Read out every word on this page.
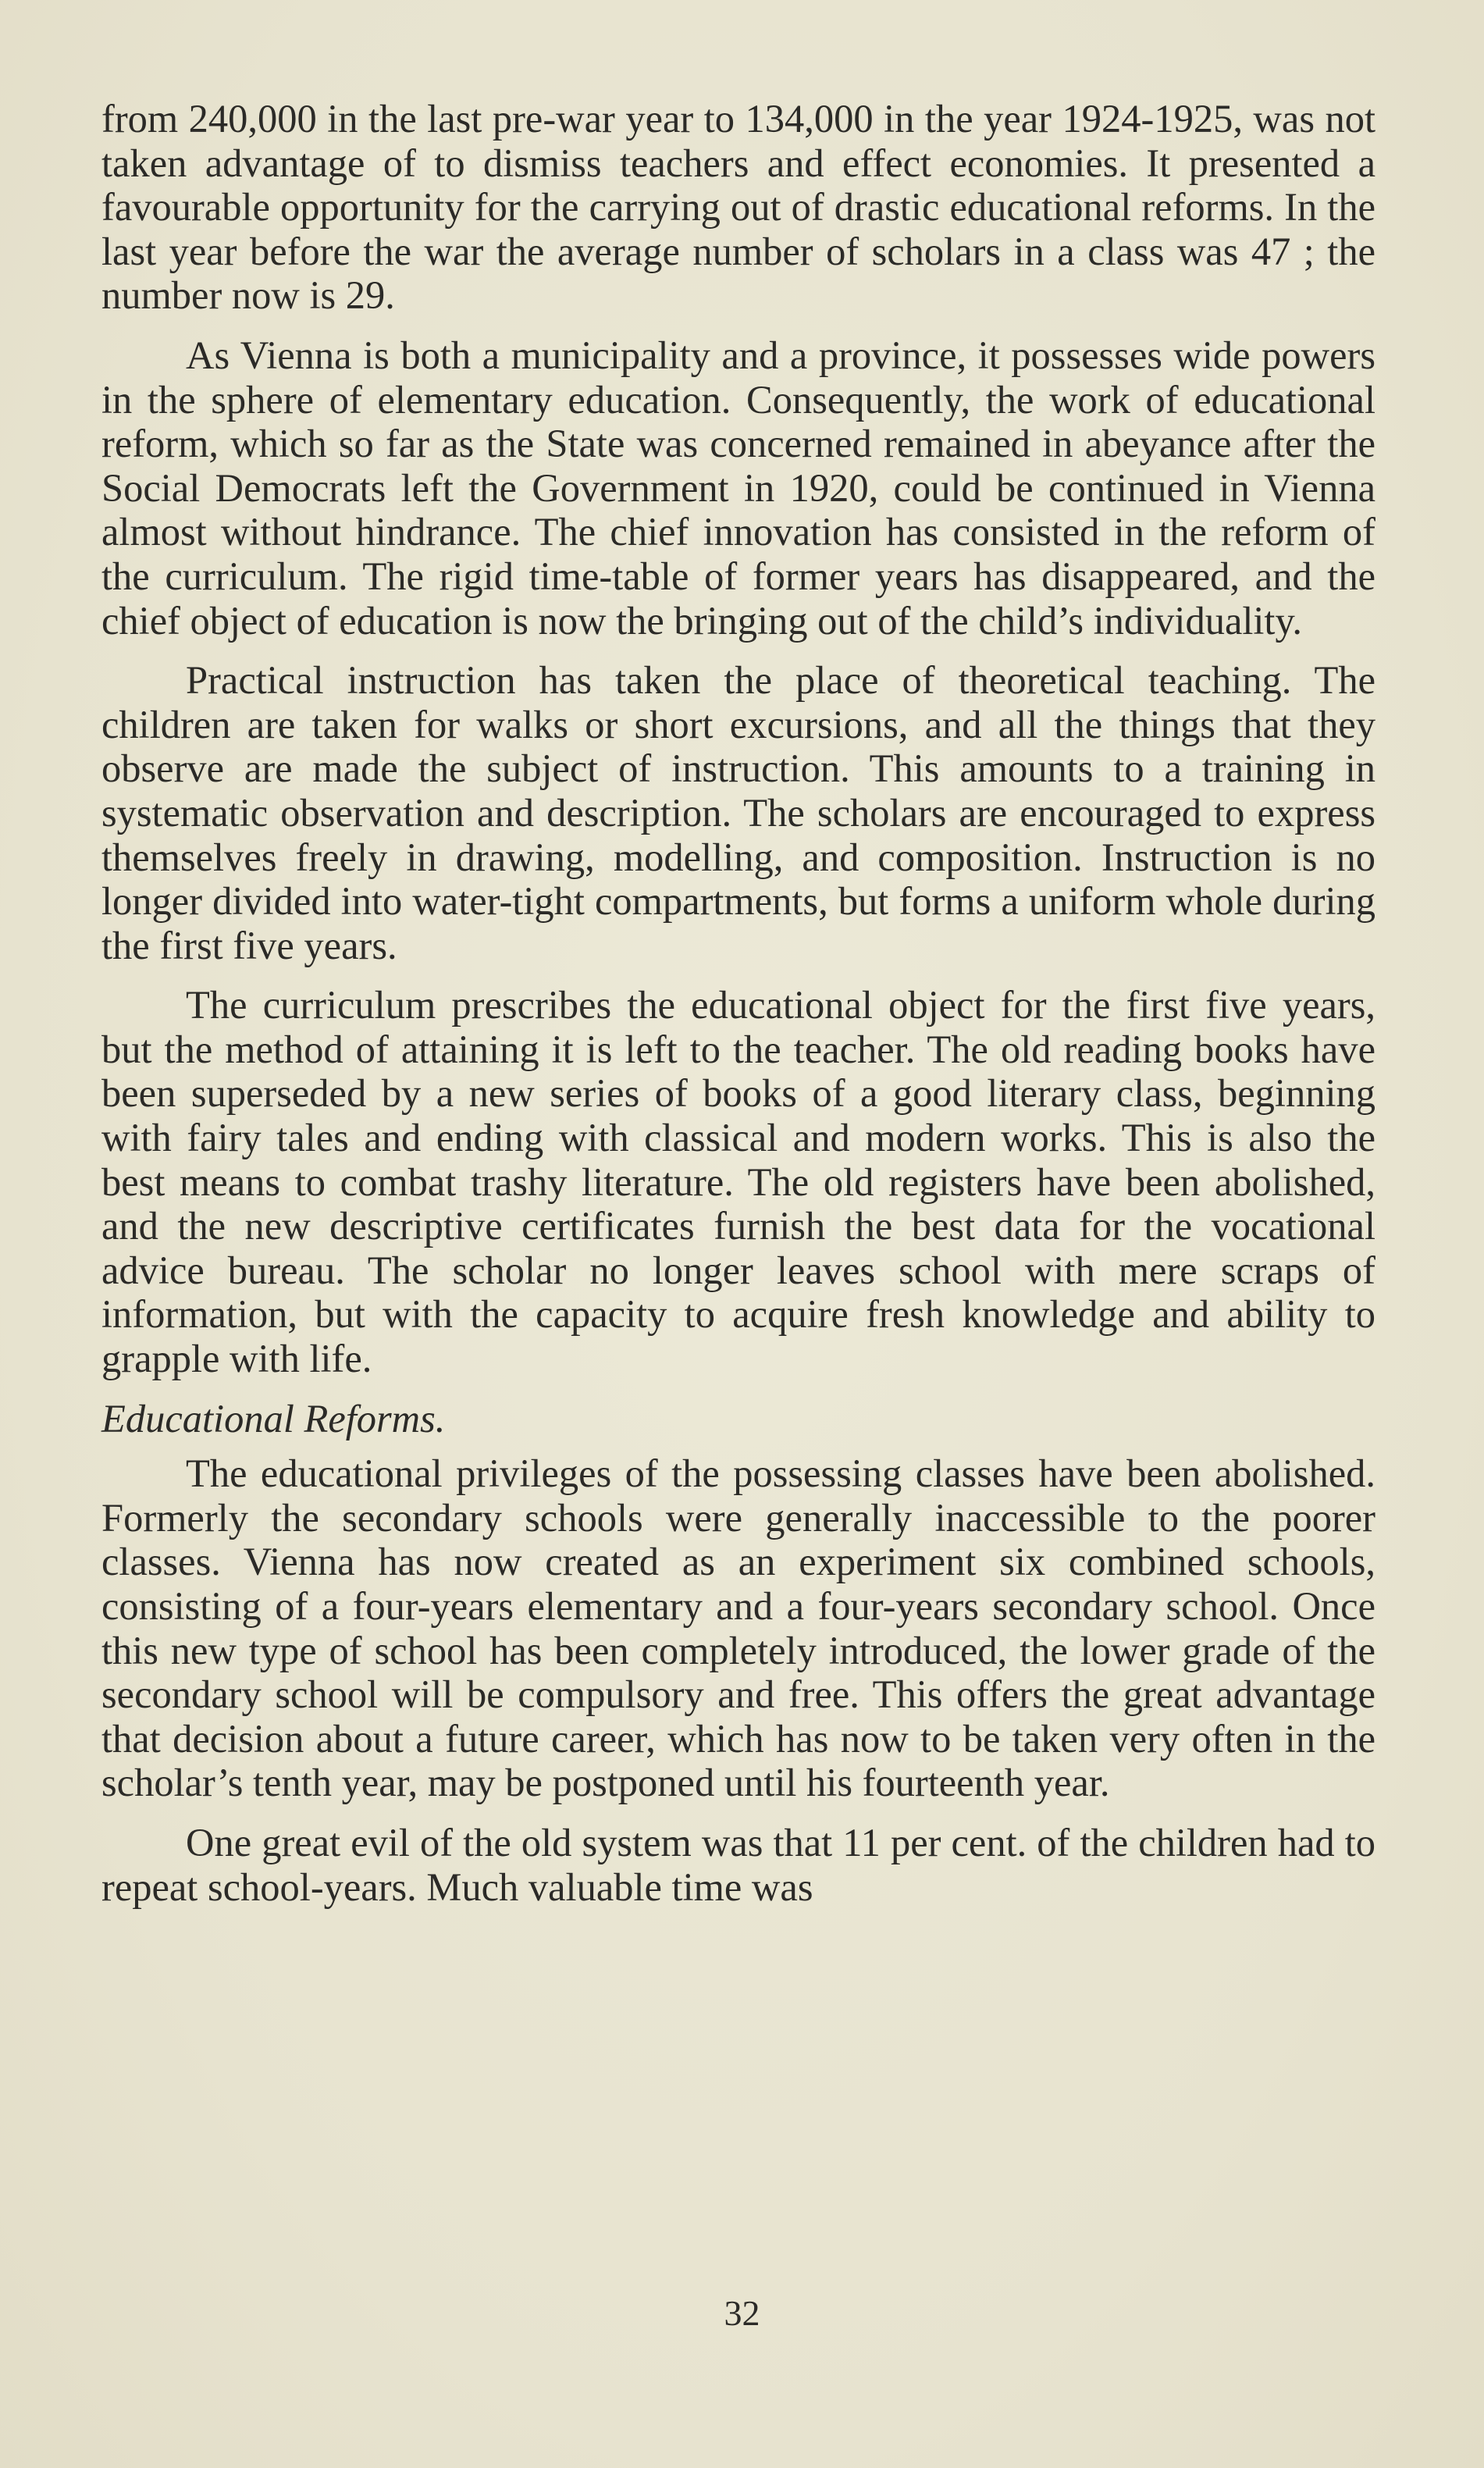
from 240,000 in the last pre-war year to 134,000 in the year 1924-1925, was not taken advantage of to dismiss teachers and effect economies. It presented a favourable opportunity for the carrying out of drastic educational reforms. In the last year before the war the average number of scholars in a class was 47 ; the number now is 29.

As Vienna is both a municipality and a province, it possesses wide powers in the sphere of elementary education. Consequently, the work of educational reform, which so far as the State was concerned remained in abeyance after the Social Democrats left the Government in 1920, could be continued in Vienna almost without hindrance. The chief innovation has consisted in the reform of the curriculum. The rigid time-table of former years has disappeared, and the chief object of education is now the bringing out of the child’s individuality.

Practical instruction has taken the place of theoretical teaching. The children are taken for walks or short excursions, and all the things that they observe are made the subject of instruction. This amounts to a training in systematic observation and description. The scholars are encouraged to express themselves freely in drawing, modelling, and composition. Instruction is no longer divided into water-tight compartments, but forms a uniform whole during the first five years.

The curriculum prescribes the educational object for the first five years, but the method of attaining it is left to the teacher. The old reading books have been superseded by a new series of books of a good literary class, beginning with fairy tales and ending with classical and modern works. This is also the best means to combat trashy literature. The old registers have been abolished, and the new descriptive certificates furnish the best data for the vocational advice bureau. The scholar no longer leaves school with mere scraps of information, but with the capacity to acquire fresh knowledge and ability to grapple with life.

Educational Reforms.

The educational privileges of the possessing classes have been abolished. Formerly the secondary schools were generally inaccessible to the poorer classes. Vienna has now created as an experiment six combined schools, consisting of a four-years elementary and a four-years secondary school. Once this new type of school has been completely introduced, the lower grade of the secondary school will be compulsory and free. This offers the great advantage that decision about a future career, which has now to be taken very often in the scholar’s tenth year, may be postponed until his fourteenth year.

One great evil of the old system was that 11 per cent. of the children had to repeat school-years. Much valuable time was

32
